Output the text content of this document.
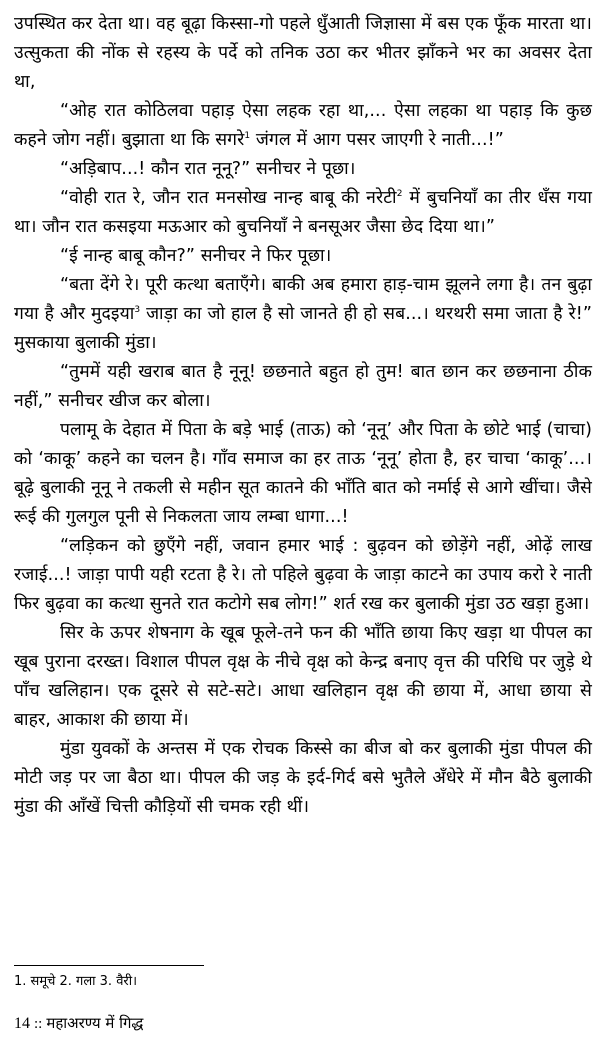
उपस्थित कर देता था। वह बूढ़ा किस्सा-गो पहले धुँआती जिज्ञासा में बस एक फूँक मारता था। उत्सुकता की नोंक से रहस्य के पर्दे को तनिक उठा कर भीतर झाँकने भर का अवसर देता था,

“ओह रात कोठिलवा पहाड़ ऐसा लहक रहा था,... ऐसा लहका था पहाड़ कि कुछ कहने जोग नहीं। बुझाता था कि सगरे$^1$ जंगल में आग पसर जाएगी रे नाती...!”

“अड़िबाप...! कौन रात नूनू?” सनीचर ने पूछा।

“वोही रात रे, जौन रात मनसोख नान्ह बाबू की नरेटी$^2$ में बुचनियाँ का तीर धँस गया था। जौन रात कसइया मऊआर को बुचनियाँ ने बनसूअर जैसा छेद दिया था।”

“ई नान्ह बाबू कौन?” सनीचर ने फिर पूछा।

“बता देंगे रे। पूरी कत्था बताएँगे। बाकी अब हमारा हाड़-चाम झूलने लगा है। तन बुढ़ा गया है और मुदइया$^3$ जाड़ा का जो हाल है सो जानते ही हो सब...। थरथरी समा जाता है रे!” मुसकाया बुलाकी मुंडा।

“तुममें यही खराब बात है नूनू! छछनाते बहुत हो तुम! बात छान कर छछनाना ठीक नहीं,” सनीचर खीज कर बोला।

पलामू के देहात में पिता के बड़े भाई (ताऊ) को ‘नूनू’ और पिता के छोटे भाई (चाचा) को ‘काकू’ कहने का चलन है। गाँव समाज का हर ताऊ ‘नूनू’ होता है, हर चाचा ‘काकू’...। बूढ़े बुलाकी नूनू ने तकली से महीन सूत कातने की भाँति बात को नर्माई से आगे खींचा। जैसे रूई की गुलगुल पूनी से निकलता जाय लम्बा धागा...!

“लड़िकन को छुएँगे नहीं, जवान हमार भाई : बुढ़वन को छोड़ेंगे नहीं, ओढ़ें लाख रजाई...! जाड़ा पापी यही रटता है रे। तो पहिले बुढ़वा के जाड़ा काटने का उपाय करो रे नाती फिर बुढ़वा का कत्था सुनते रात कटोगे सब लोग!” शर्त रख कर बुलाकी मुंडा उठ खड़ा हुआ।

सिर के ऊपर शेषनाग के खूब फूले-तने फन की भाँति छाया किए खड़ा था पीपल का खूब पुराना दरख्त। विशाल पीपल वृक्ष के नीचे वृक्ष को केन्द्र बनाए वृत्त की परिधि पर जुड़े थे पाँच खलिहान। एक दूसरे से सटे-सटे। आधा खलिहान वृक्ष की छाया में, आधा छाया से बाहर, आकाश की छाया में।

मुंडा युवकों के अन्तस में एक रोचक किस्से का बीज बो कर बुलाकी मुंडा पीपल की मोटी जड़ पर जा बैठा था। पीपल की जड़ के इर्द-गिर्द बसे भुतैले अँधेरे में मौन बैठे बुलाकी मुंडा की आँखें चित्ती कौड़ियों सी चमक रही थीं।

1. समूचे 2. गला 3. वैरी।

14 :: महाअरण्य में गिद्ध
